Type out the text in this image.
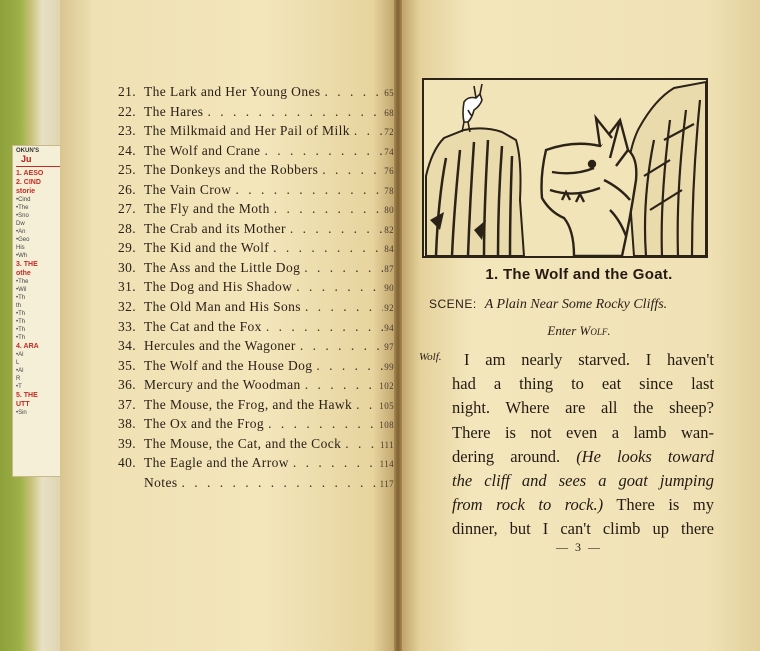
OKUN'S
Ju
1. AESO
2. CIND
storie
•Cind
•The
•Sno
Dw
•An
•Geo
His
•Wh
3. THE
othe
•The
•Wil
•Th
th
•Th
•Th
•Th
•Th
4. ARA
•Al
L
•Al
R
•T
5. THE
UTT
•Sin
21. The Lark and Her Young Ones . . .	65
22. The Hares . . .	68
23. The Milkmaid and Her Pail of Milk . . .	72
24. The Wolf and Crane . . .	74
25. The Donkeys and the Robbers . . .	76
26. The Vain Crow . . .	78
27. The Fly and the Moth . . .	80
28. The Crab and its Mother . . .	82
29. The Kid and the Wolf . . .	84
30. The Ass and the Little Dog . . .	87
31. The Dog and His Shadow . . .	90
32. The Old Man and His Sons . . .	92
33. The Cat and the Fox . . .	94
34. Hercules and the Wagoner . . .	97
35. The Wolf and the House Dog . . .	99
36. Mercury and the Woodman . . .	102
37. The Mouse, the Frog, and the Hawk . . .	105
38. The Ox and the Frog . . .	108
39. The Mouse, the Cat, and the Cock . . .	111
40. The Eagle and the Arrow . . .	114
Notes . . .	117
1. The Wolf and the Goat.
SCENE: A Plain Near Some Rocky Cliffs.
Enter Wolf.
Wolf.	I am nearly starved. I haven't
had a thing to eat since last
night. Where are all the sheep?
There is not even a lamb wan-
dering around. (He looks toward
the cliff and sees a goat jumping
from rock to rock.) There is my
dinner, but I can't climb up there
— 3 —
